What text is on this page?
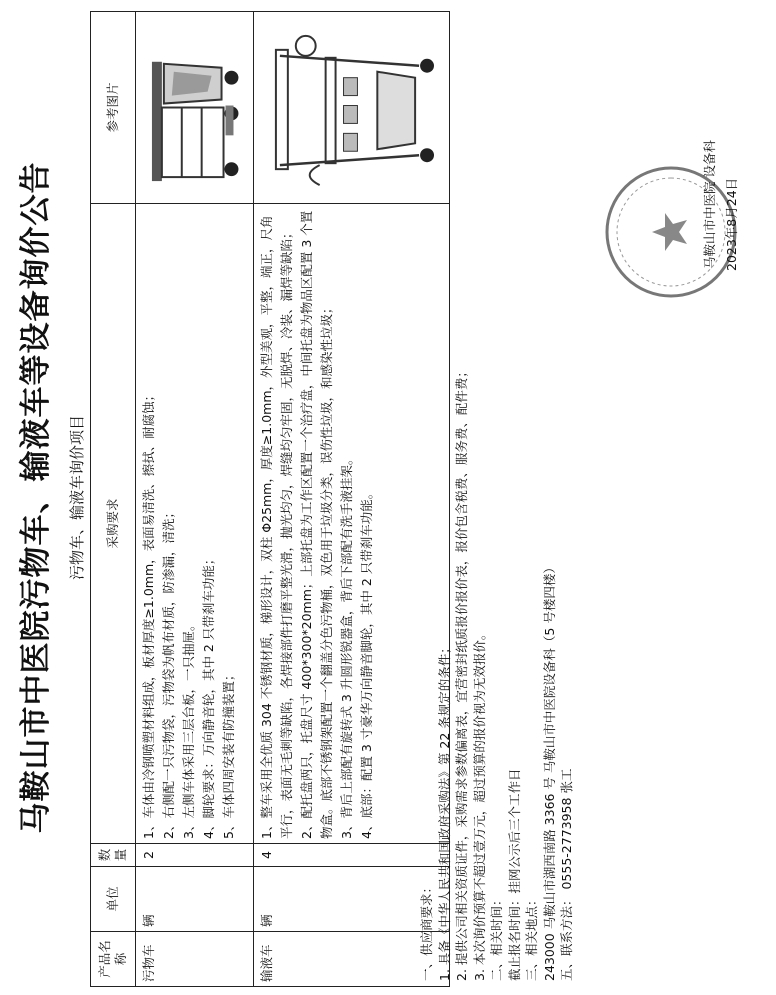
马鞍山市中医院污物车、输液车等设备询价公告 污物车、输液车询价项目
产品名称	单位	数量	采购要求	参考图片
污物车	辆	2	1、车体由冷钢喷塑材料组成，板材厚度≥1.0mm，表面易清洗、擦拭、耐腐蚀； 2、右侧配一只污物袋，污物袋为帆布材质，防渗漏，清洗； 3、左侧车体采用三层台板，一只抽屉。 4、脚轮要求：万向静音轮，其中 2 只带刹车功能； 5、车体四周安装有防撞装置；

输液车	辆	4	1、整车采用全优质 304 不锈钢材质，梯形设计，双柱 Φ25mm，厚度≥1.0mm，外型美观，平整，端正，尺角平行，表面无毛刺等缺陷，各焊接部件打磨平整光滑，抛光均匀，焊缝均匀牢固，无脱焊、冷装、漏焊等缺陷； 2、配托盘两只，托盘尺寸 400*300*20mm；上部托盘为工作区配置一个治疗盘，中间托盘为物品区配置 3 个置物盒。底部不锈钢架配置一个翻盖分色污物桶，双色用于垃圾分类，误伤性垃圾，和感染性垃圾； 3、背后上部配有旋转式 3 升圆形锐器盒，背后下部配有洗手液挂架。 4、底部：配置 3 寸豪华万向静音脚轮，其中 2 只带刹车功能。

一、供应商要求： 1. 具备《中华人民共和国政府采购法》第 22 条规定的条件； 2. 提供公司相关资质证件，采购需求参数偏离表，宜营密封纸质报价报价表，报价包含税费、服务费、配件费； 3. 本次询价预算不超过壹万元，超过预算的报价视为无效报价。 二、相关时间： 截止报名时间：挂网公示后三个工作日 三、相关地点： 243000 马鞍山市湖西南路 3366 号 马鞍山市中医院设备科（5 号楼四楼） 五、联系方法： 0555-2773958 张工
马鞍山市中医院 设备科
2023年8月24日
